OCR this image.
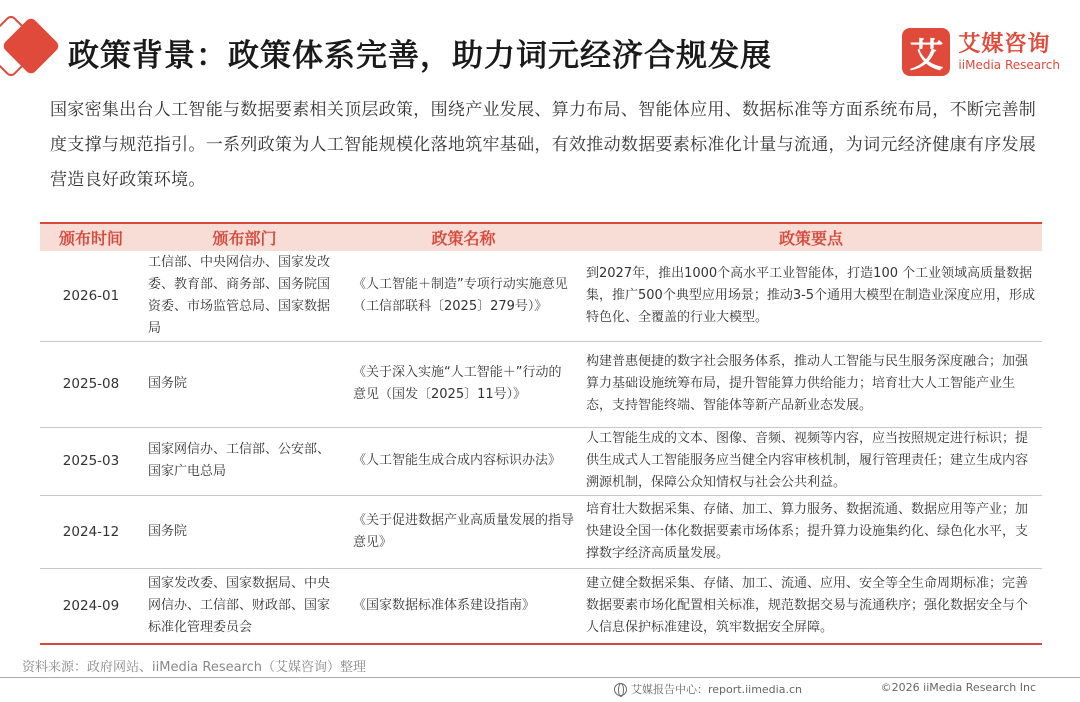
政策背景：政策体系完善，助力词元经济合规发展	艾 艾媒咨询
iiMedia Research

国家密集出台人工智能与数据要素相关顶层政策，围绕产业发展、算力布局、智能体应用、数据标准等方面系统布局，不断完善制度支撑与规范指引。一系列政策为人工智能规模化落地筑牢基础，有效推动数据要素标准化计量与流通，为词元经济健康有序发展营造良好政策环境。

颁布时间	颁布部门	政策名称	政策要点
2026-01	工信部、中央网信办、国家发改委、教育部、商务部、国务院国资委、市场监管总局、国家数据局	《人工智能＋制造”专项行动实施意见（工信部联科〔2025〕279号）》	到2027年，推出1000个高水平工业智能体，打造100 个工业领域高质量数据集，推广500个典型应用场景；推动3-5个通用大模型在制造业深度应用，形成特色化、全覆盖的行业大模型。
2025-08	国务院	《关于深入实施“人工智能＋”行动的意见（国发〔2025〕11号）》	构建普惠便捷的数字社会服务体系，推动人工智能与民生服务深度融合；加强算力基础设施统筹布局，提升智能算力供给能力；培育壮大人工智能产业生态，支持智能终端、智能体等新产品新业态发展。
2025-03	国家网信办、工信部、公安部、国家广电总局	《人工智能生成合成内容标识办法》	人工智能生成的文本、图像、音频、视频等内容，应当按照规定进行标识；提供生成式人工智能服务应当健全内容审核机制，履行管理责任；建立生成内容溯源机制，保障公众知情权与社会公共利益。
2024-12	国务院	《关于促进数据产业高质量发展的指导意见》	培育壮大数据采集、存储、加工、算力服务、数据流通、数据应用等产业；加快建设全国一体化数据要素市场体系；提升算力设施集约化、绿色化水平，支撑数字经济高质量发展。
2024-09	国家发改委、国家数据局、中央网信办、工信部、财政部、国家标准化管理委员会	《国家数据标准体系建设指南》	建立健全数据采集、存储、加工、流通、应用、安全等全生命周期标准；完善数据要素市场化配置相关标准，规范数据交易与流通秩序；强化数据安全与个人信息保护标准建设，筑牢数据安全屏障。
资料来源：政府网站、iiMedia Research（艾媒咨询）整理
艾媒报告中心：report.iimedia.cn	©2026 iiMedia Research Inc
